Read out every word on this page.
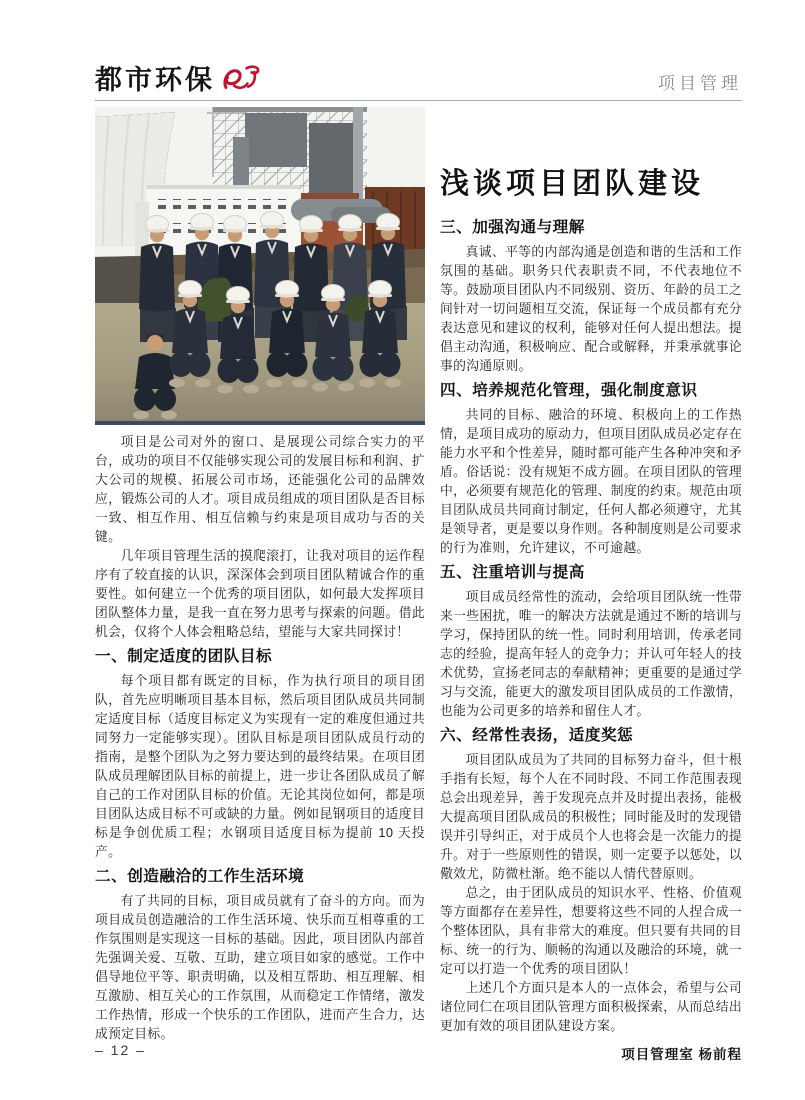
都市环保	项目管理

项目是公司对外的窗口、是展现公司综合实力的平台，成功的项目不仅能够实现公司的发展目标和利润、扩大公司的规模、拓展公司市场，还能强化公司的品牌效应，锻炼公司的人才。项目成员组成的项目团队是否目标一致、相互作用、相互信赖与约束是项目成功与否的关键。

几年项目管理生活的摸爬滚打，让我对项目的运作程序有了较直接的认识，深深体会到项目团队精诚合作的重要性。如何建立一个优秀的项目团队，如何最大发挥项目团队整体力量，是我一直在努力思考与探索的问题。借此机会，仅将个人体会粗略总结，望能与大家共同探讨！

一、制定适度的团队目标

每个项目都有既定的目标，作为执行项目的项目团队，首先应明晰项目基本目标，然后项目团队成员共同制定适度目标（适度目标定义为实现有一定的难度但通过共同努力一定能够实现）。团队目标是项目团队成员行动的指南，是整个团队为之努力要达到的最终结果。在项目团队成员理解团队目标的前提上，进一步让各团队成员了解自己的工作对团队目标的价值。无论其岗位如何，都是项目团队达成目标不可或缺的力量。例如昆钢项目的适度目标是争创优质工程；水钢项目适度目标为提前 10 天投产。

二、创造融洽的工作生活环境

有了共同的目标，项目成员就有了奋斗的方向。而为项目成员创造融洽的工作生活环境、快乐而互相尊重的工作氛围则是实现这一目标的基础。因此，项目团队内部首先强调关爱、互敬、互助，建立项目如家的感觉。工作中倡导地位平等、职责明确，以及相互帮助、相互理解、相互激励、相互关心的工作氛围，从而稳定工作情绪，激发工作热情，形成一个快乐的工作团队，进而产生合力，达成预定目标。

浅谈项目团队建设
三、加强沟通与理解

真诚、平等的内部沟通是创造和谐的生活和工作氛围的基础。职务只代表职责不同，不代表地位不等。鼓励项目团队内不同级别、资历、年龄的员工之间针对一切问题相互交流，保证每一个成员都有充分表达意见和建议的权利，能够对任何人提出想法。提倡主动沟通，积极响应、配合或解释，并秉承就事论事的沟通原则。

四、培养规范化管理，强化制度意识

共同的目标、融洽的环境、积极向上的工作热情，是项目成功的原动力，但项目团队成员必定存在能力水平和个性差异，随时都可能产生各种冲突和矛盾。俗话说：没有规矩不成方圆。在项目团队的管理中，必须要有规范化的管理、制度的约束。规范由项目团队成员共同商讨制定，任何人都必须遵守，尤其是领导者，更是要以身作则。各种制度则是公司要求的行为准则，允许建议，不可逾越。

五、注重培训与提高

项目成员经常性的流动，会给项目团队统一性带来一些困扰，唯一的解决方法就是通过不断的培训与学习，保持团队的统一性。同时利用培训，传承老同志的经验，提高年轻人的竞争力；并认可年轻人的技术优势，宣扬老同志的奉献精神；更重要的是通过学习与交流，能更大的激发项目团队成员的工作激情，也能为公司更多的培养和留住人才。

六、经常性表扬，适度奖惩

项目团队成员为了共同的目标努力奋斗，但十根手指有长短，每个人在不同时段、不同工作范围表现总会出现差异，善于发现亮点并及时提出表扬，能极大提高项目团队成员的积极性；同时能及时的发现错误并引导纠正，对于成员个人也将会是一次能力的提升。对于一些原则性的错误，则一定要予以惩处，以儆效尤，防微杜渐。绝不能以人情代替原则。

总之，由于团队成员的知识水平、性格、价值观等方面都存在差异性，想要将这些不同的人捏合成一个整体团队，具有非常大的难度。但只要有共同的目标、统一的行为、顺畅的沟通以及融洽的环境，就一定可以打造一个优秀的项目团队！

上述几个方面只是本人的一点体会，希望与公司诸位同仁在项目团队管理方面积极探索，从而总结出更加有效的项目团队建设方案。

项目管理室 杨前程

– 12 –
